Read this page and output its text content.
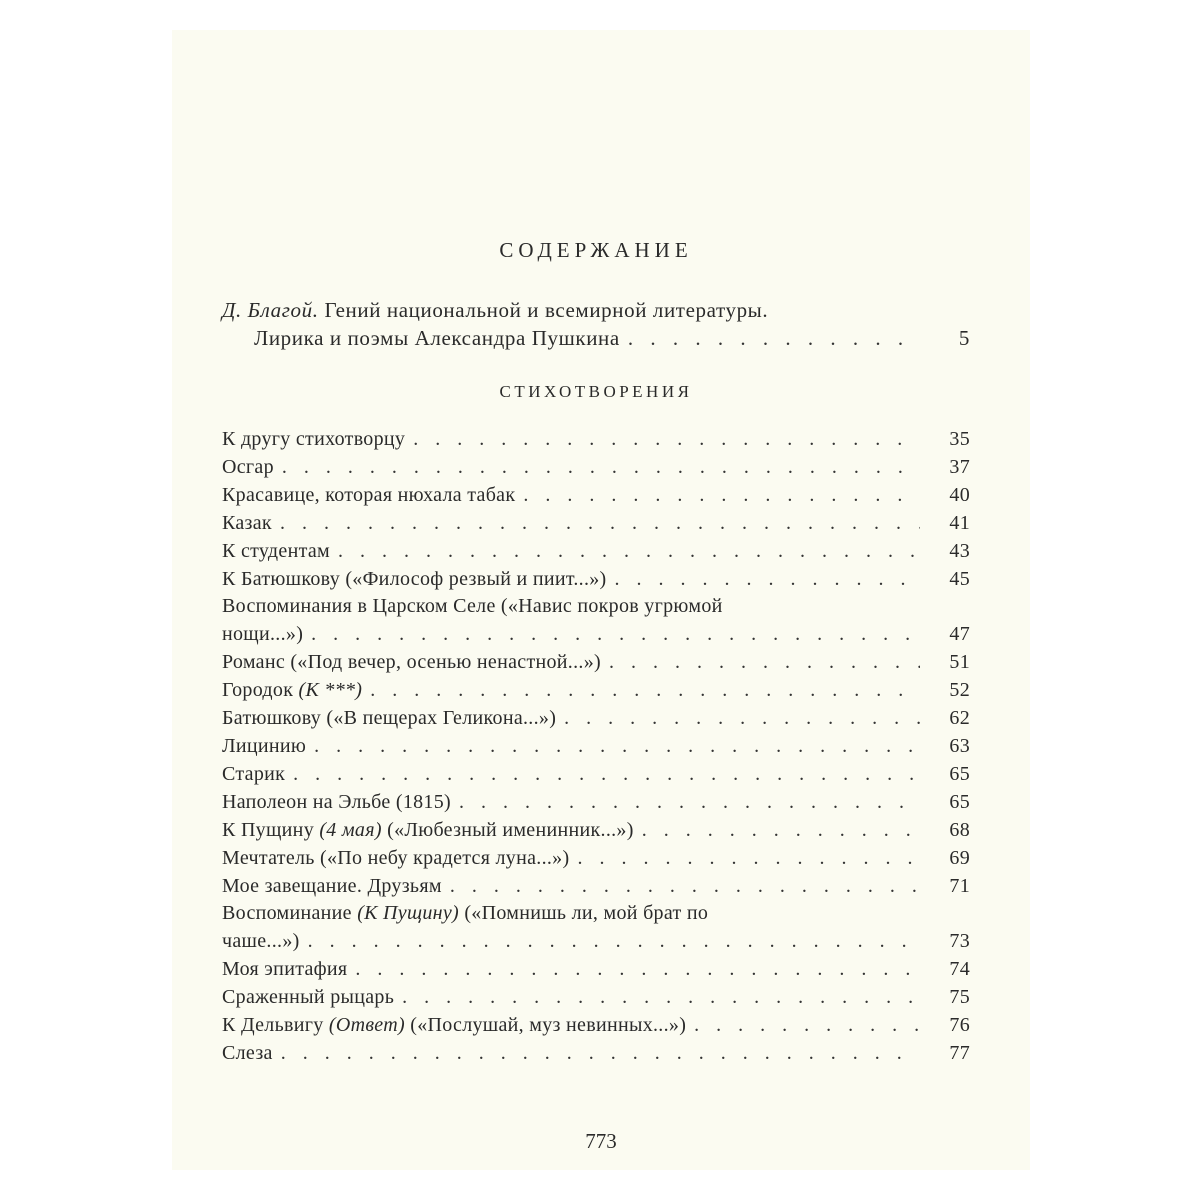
СОДЕРЖАНИЕ
Д. Благой. Гений национальной и всемирной литературы.
Лирика и поэмы Александра Пушкина . . .	5
СТИХОТВОРЕНИЯ
К другу стихотворцу . . .	35
Осгар . . .	37
Красавице, которая нюхала табак . . .	40
Казак . . .	41
К студентам . . .	43
К Батюшкову («Философ резвый и пиит...») . . .	45
Воспоминания в Царском Селе («Навис покров угрюмой
нощи...») . . .	47
Романс («Под вечер, осенью ненастной...») . . .	51
Городок (К ***) . . .	52
Батюшкову («В пещерах Геликона...») . . .	62
Лицинию . . .	63
Старик . . .	65
Наполеон на Эльбе (1815) . . .	65
К Пущину (4 мая) («Любезный именинник...») . . .	68
Мечтатель («По небу крадется луна...») . . .	69
Мое завещание. Друзьям . . .	71
Воспоминание (К Пущину) («Помнишь ли, мой брат по
чаше...») . . .	73
Моя эпитафия . . .	74
Сраженный рыцарь . . .	75
К Дельвигу (Ответ) («Послушай, муз невинных...») . . .	76
Слеза . . .	77
773
